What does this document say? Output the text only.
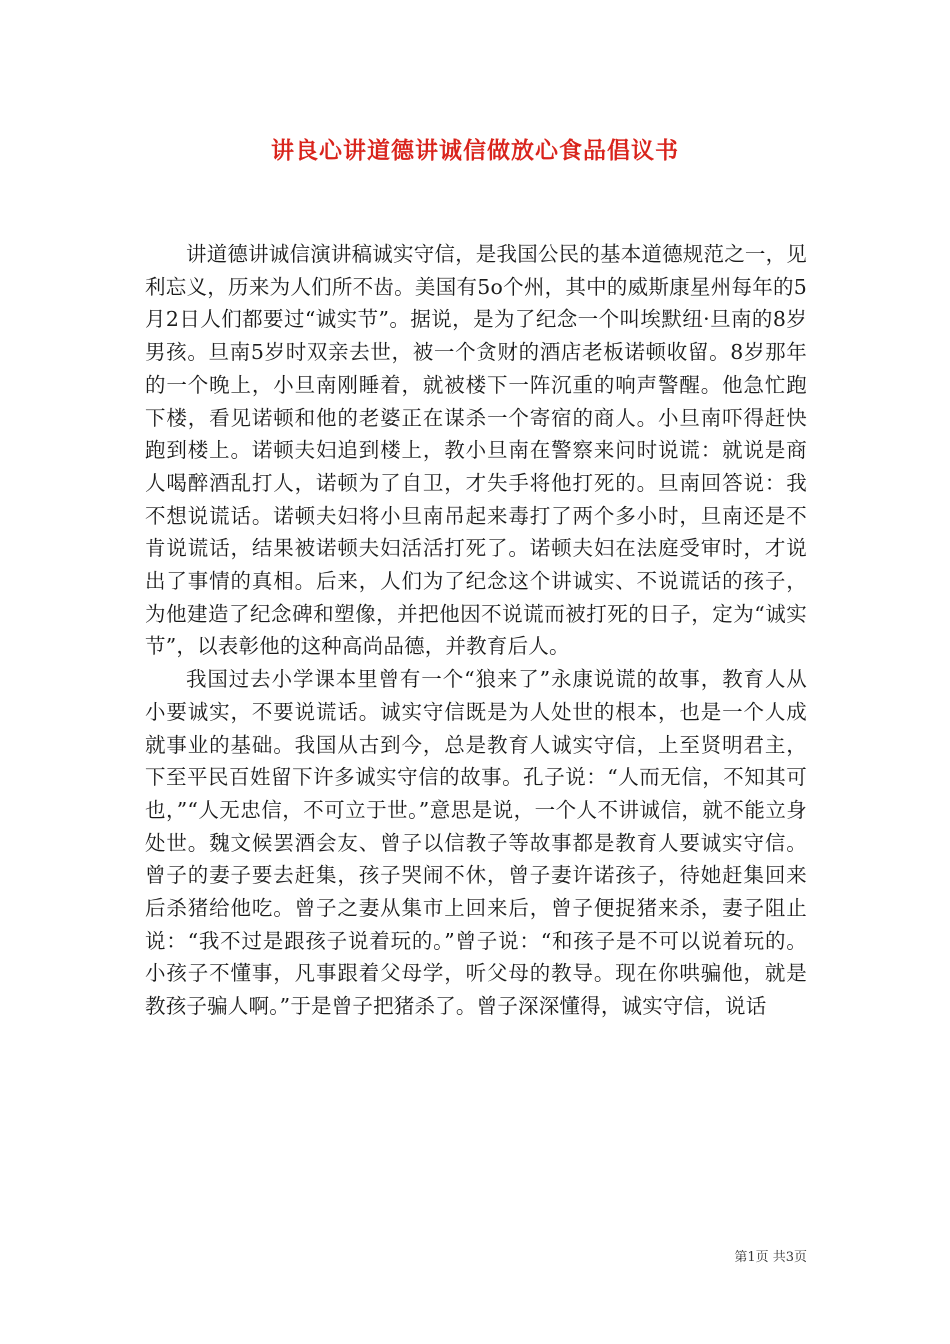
讲良心讲道德讲诚信做放心食品倡议书

讲道德讲诚信演讲稿诚实守信，是我国公民的基本道德规范之一，见利忘义，历来为人们所不齿。美国有5o个州，其中的威斯康星州每年的5月2日人们都要过“诚实节”。据说，是为了纪念一个叫埃默纽·旦南的8岁男孩。旦南5岁时双亲去世，被一个贪财的酒店老板诺顿收留。8岁那年的一个晚上，小旦南刚睡着，就被楼下一阵沉重的响声警醒。他急忙跑下楼，看见诺顿和他的老婆正在谋杀一个寄宿的商人。小旦南吓得赶快跑到楼上。诺顿夫妇追到楼上，教小旦南在警察来问时说谎：就说是商人喝醉酒乱打人，诺顿为了自卫，才失手将他打死的。旦南回答说：我不想说谎话。诺顿夫妇将小旦南吊起来毒打了两个多小时，旦南还是不肯说谎话，结果被诺顿夫妇活活打死了。诺顿夫妇在法庭受审时，才说出了事情的真相。后来，人们为了纪念这个讲诚实、不说谎话的孩子，为他建造了纪念碑和塑像，并把他因不说谎而被打死的日子，定为“诚实节”，以表彰他的这种高尚品德，并教育后人。

我国过去小学课本里曾有一个“狼来了”永康说谎的故事，教育人从小要诚实，不要说谎话。诚实守信既是为人处世的根本，也是一个人成就事业的基础。我国从古到今，总是教育人诚实守信，上至贤明君主，下至平民百姓留下许多诚实守信的故事。孔子说：“人而无信，不知其可也，”“人无忠信，不可立于世。”意思是说，一个人不讲诚信，就不能立身处世。魏文候罢酒会友、曾子以信教子等故事都是教育人要诚实守信。曾子的妻子要去赶集，孩子哭闹不休，曾子妻许诺孩子，待她赶集回来后杀猪给他吃。曾子之妻从集市上回来后，曾子便捉猪来杀，妻子阻止说：“我不过是跟孩子说着玩的。”曾子说：“和孩子是不可以说着玩的。小孩子不懂事，凡事跟着父母学，听父母的教导。现在你哄骗他，就是教孩子骗人啊。”于是曾子把猪杀了。曾子深深懂得，诚实守信，说话

第1页 共3页
